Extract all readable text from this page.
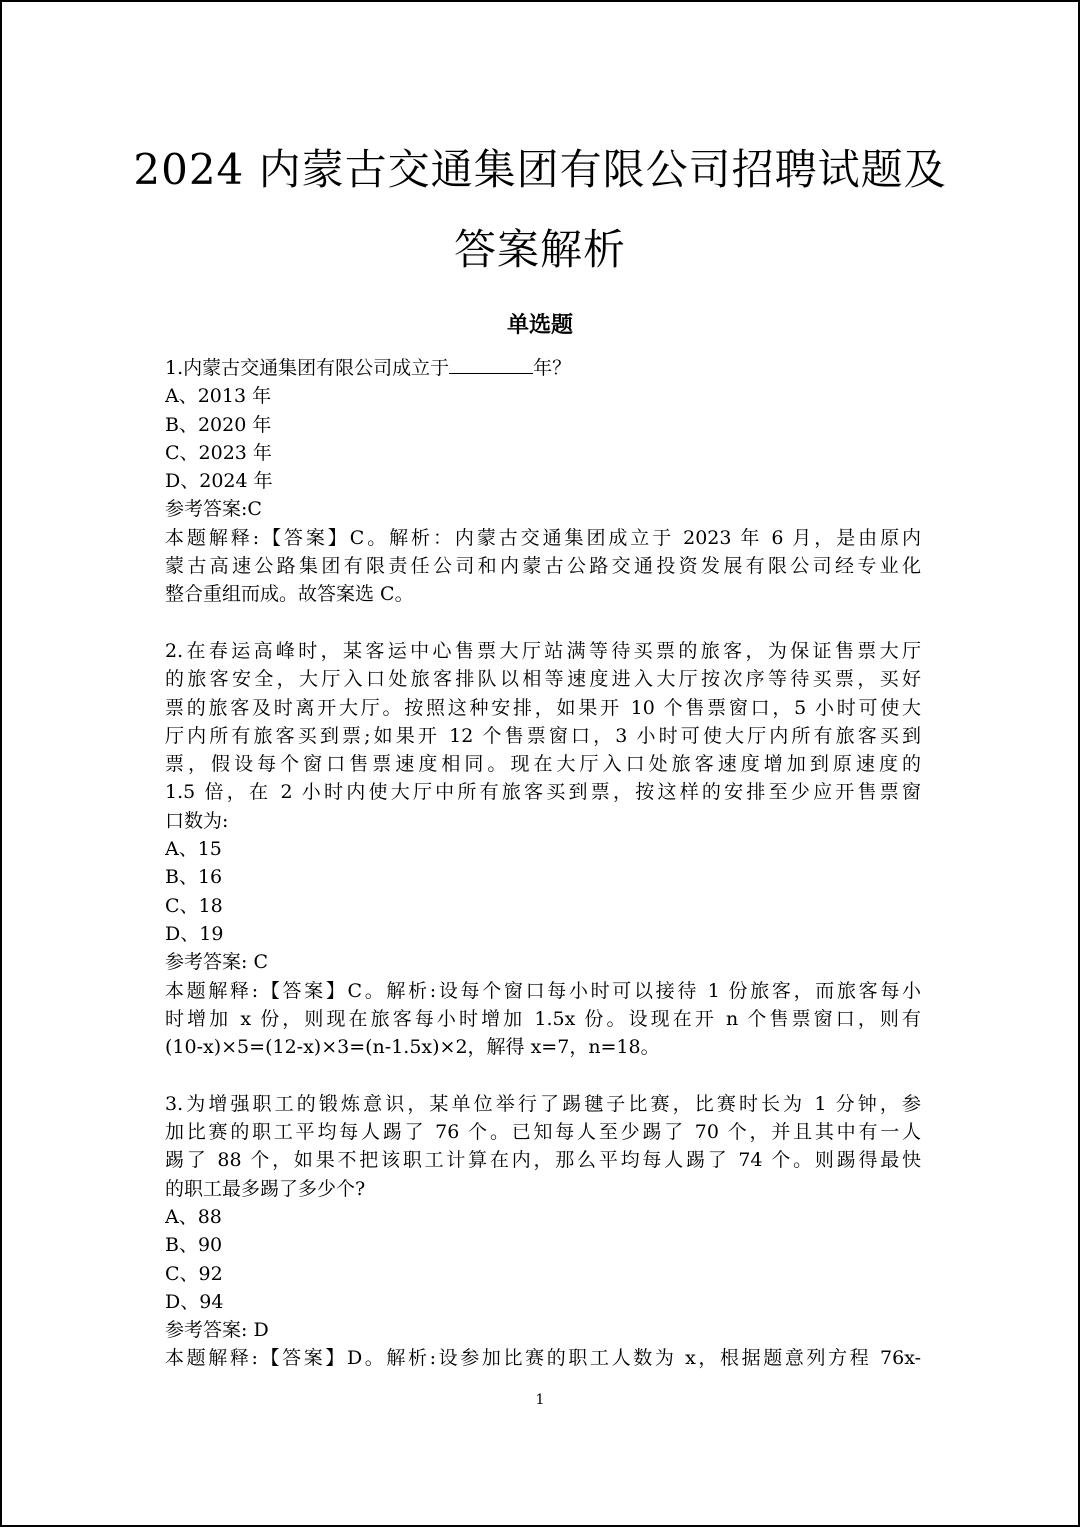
2024 内蒙古交通集团有限公司招聘试题及
答案解析
单选题
1.内蒙古交通集团有限公司成立于	年？
A、2013 年
B、2020 年
C、2023 年
D、2024 年
参考答案:C
本题解释:【答案】C。解析：内蒙古交通集团成立于 2023 年 6 月，是由原内
蒙古高速公路集团有限责任公司和内蒙古公路交通投资发展有限公司经专业化
整合重组而成。故答案选 C。
2.在春运高峰时，某客运中心售票大厅站满等待买票的旅客，为保证售票大厅
的旅客安全，大厅入口处旅客排队以相等速度进入大厅按次序等待买票，买好
票的旅客及时离开大厅。按照这种安排，如果开 10 个售票窗口，5 小时可使大
厅内所有旅客买到票;如果开 12 个售票窗口，3 小时可使大厅内所有旅客买到
票，假设每个窗口售票速度相同。现在大厅入口处旅客速度增加到原速度的
1.5 倍，在 2 小时内使大厅中所有旅客买到票，按这样的安排至少应开售票窗
口数为:
A、15
B、16
C、18
D、19
参考答案: C
本题解释:【答案】C。解析:设每个窗口每小时可以接待 1 份旅客，而旅客每小
时增加 x 份，则现在旅客每小时增加 1.5x 份。设现在开 n 个售票窗口，则有
(10-x)×5=(12-x)×3=(n-1.5x)×2，解得 x=7，n=18。
3.为增强职工的锻炼意识，某单位举行了踢毽子比赛，比赛时长为 1 分钟，参
加比赛的职工平均每人踢了 76 个。已知每人至少踢了 70 个，并且其中有一人
踢了 88 个，如果不把该职工计算在内，那么平均每人踢了 74 个。则踢得最快
的职工最多踢了多少个?
A、88
B、90
C、92
D、94
参考答案: D
本题解释:【答案】D。解析:设参加比赛的职工人数为 x，根据题意列方程 76x-
1
